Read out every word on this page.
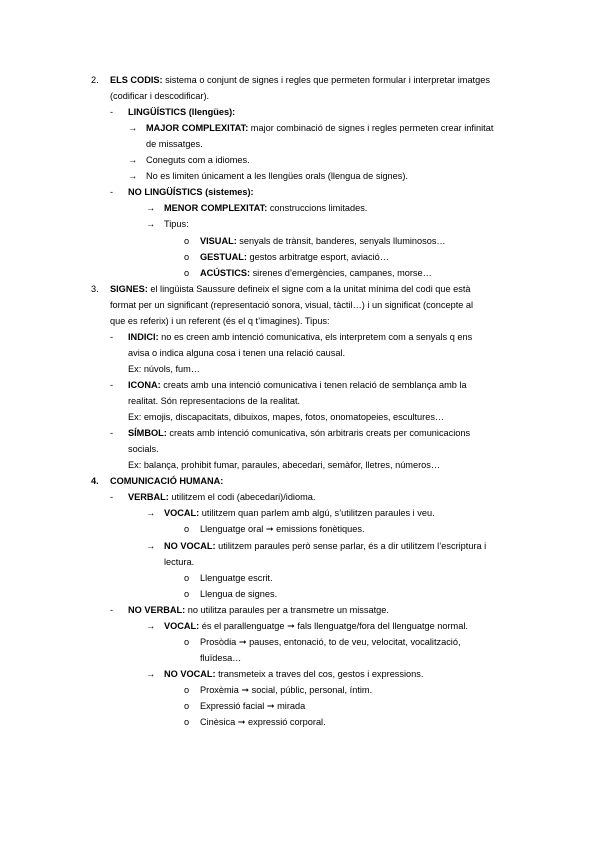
2. ELS CODIS: sistema o conjunt de signes i regles que permeten formular i interpretar imatges
(codificar i descodificar).
- LINGÜÍSTICS (llengües):
→ MAJOR COMPLEXITAT: major combinació de signes i regles permeten crear infinitat
de missatges.
→ Coneguts com a idiomes.
→ No es limiten únicament a les llengües orals (llengua de signes).
- NO LINGÜÍSTICS (sistemes):
→ MENOR COMPLEXITAT: construccions limitades.
→ Tipus:
o VISUAL: senyals de trànsit, banderes, senyals lluminosos…
o GESTUAL: gestos arbitratge esport, aviació…
o ACÚSTICS: sirenes d’emergències, campanes, morse…
3. SIGNES: el lingüista Saussure defineix el signe com a la unitat mínima del codi que està
format per un significant (representació sonora, visual, tàctil…) i un significat (concepte al
que es referix) i un referent (és el q t’imagines). Tipus:
- INDICI: no es creen amb intenció comunicativa, els interpretem com a senyals q ens
avisa o indica alguna cosa i tenen una relació causal.
Ex: núvols, fum…
- ICONA: creats amb una intenció comunicativa i tenen relació de semblança amb la
realitat. Són representacions de la realitat.
Ex: emojis, discapacitats, dibuixos, mapes, fotos, onomatopeies, escultures…
- SÍMBOL: creats amb intenció comunicativa, són arbitraris creats per comunicacions
socials.
Ex: balança, prohibit fumar, paraules, abecedari, semàfor, lletres, números…
4. COMUNICACIÓ HUMANA:
- VERBAL: utilitzem el codi (abecedari)/idioma.
→ VOCAL: utilitzem quan parlem amb algú, s’utilitzen paraules i veu.
o Llenguatge oral ➞ emissions fonètiques.
→ NO VOCAL: utilitzem paraules però sense parlar, és a dir utilitzem l’escriptura i
lectura.
o Llenguatge escrit.
o Llengua de signes.
- NO VERBAL: no utilitza paraules per a transmetre un missatge.
→ VOCAL: és el parallenguatge ➞ fals llenguatge/fora del llenguatge normal.
o Prosòdia ➞ pauses, entonació, to de veu, velocitat, vocalització,
fluïdesa…
→ NO VOCAL: transmeteix a traves del cos, gestos i expressions.
o Proxèmia ➞ social, públic, personal, íntim.
o Expressió facial ➞ mirada
o Cinèsica ➞ expressió corporal.
